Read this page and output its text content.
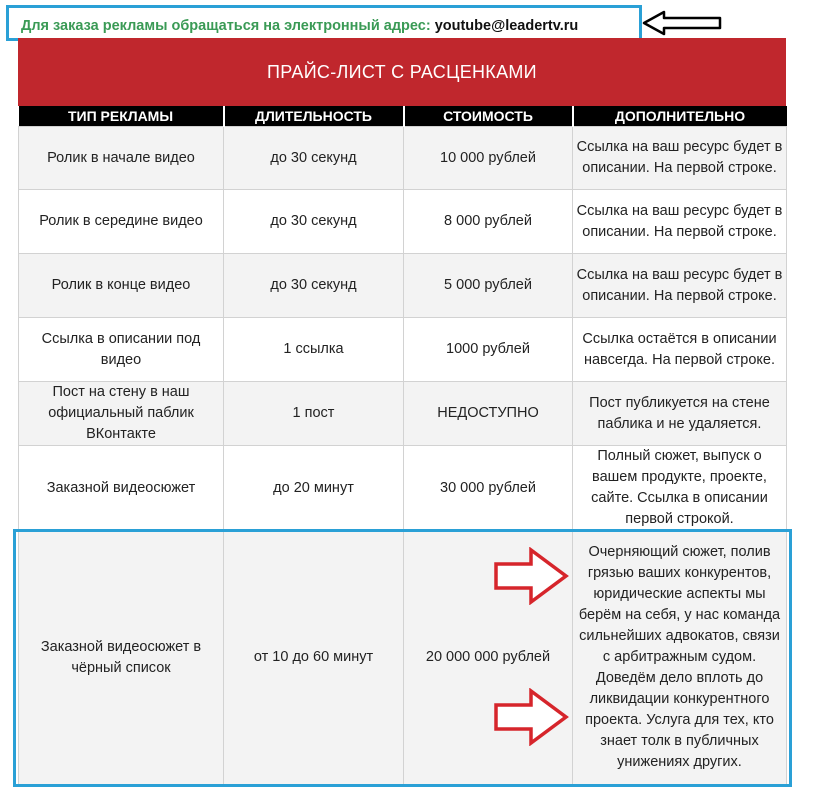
Для заказа рекламы обращаться на электронный адрес: youtube@leadertv.ru
ПРАЙС-ЛИСТ С РАСЦЕНКАМИ
ТИП РЕКЛАМЫ	ДЛИТЕЛЬНОСТЬ	СТОИМОСТЬ	ДОПОЛНИТЕЛЬНО
Ролик в начале видео	до 30 секунд	10 000 рублей	Ссылка на ваш ресурс будет в описании. На первой строке.
Ролик в середине видео	до 30 секунд	8 000 рублей	Ссылка на ваш ресурс будет в описании. На первой строке.
Ролик в конце видео	до 30 секунд	5 000 рублей	Ссылка на ваш ресурс будет в описании. На первой строке.
Ссылка в описании под видео	1 ссылка	1000 рублей	Ссылка остаётся в описании навсегда. На первой строке.
Пост на стену в наш официальный паблик ВКонтакте	1 пост	НЕДОСТУПНО	Пост публикуется на стене паблика и не удаляется.
Заказной видеосюжет	до 20 минут	30 000 рублей	Полный сюжет, выпуск о вашем продукте, проекте, сайте. Ссылка в описании первой строкой.
Заказной видеосюжет в чёрный список	от 10 до 60 минут	20 000 000 рублей	Очерняющий сюжет, полив грязью ваших конкурентов, юридические аспекты мы берём на себя, у нас команда сильнейших адвокатов, связи с арбитражным судом. Доведём дело вплоть до ликвидации конкурентного проекта. Услуга для тех, кто знает толк в публичных унижениях других.
